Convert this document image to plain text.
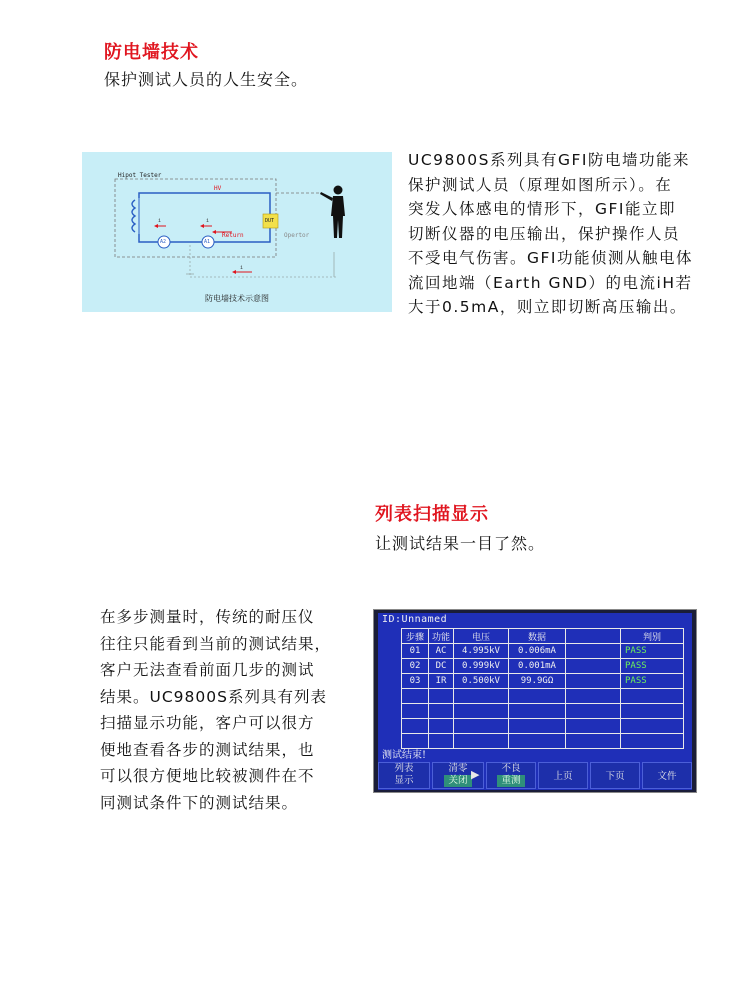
防电墙技术
保护测试人员的人生安全。
Hipot Tester
HV
DUT
Return	Opertor
A2	A1
i	i
i
防电墙技术示意图
UC9800S系列具有GFI防电墙功能来
保护测试人员（原理如图所示）。在
突发人体感电的情形下，GFI能立即
切断仪器的电压输出，保护操作人员
不受电气伤害。GFI功能侦测从触电体
流回地端（Earth GND）的电流iH若
大于0.5mA，则立即切断高压输出。
列表扫描显示
让测试结果一目了然。
在多步测量时，传统的耐压仪
往往只能看到当前的测试结果，
客户无法查看前面几步的测试
结果。UC9800S系列具有列表
扫描显示功能，客户可以很方
便地查看各步的测试结果，也
可以很方便地比较被测件在不
同测试条件下的测试结果。
ID:Unnamed
步骤	功能	电压	数据		判别
01	AC	4.995kV	0.006mA		PASS
02	DC	0.999kV	0.001mA		PASS
03	IR	0.500kV	99.9GΩ		PASS

测试结束!
列表
显示
清零
关闭 ▶	不良
重测	上页	下页	文件
